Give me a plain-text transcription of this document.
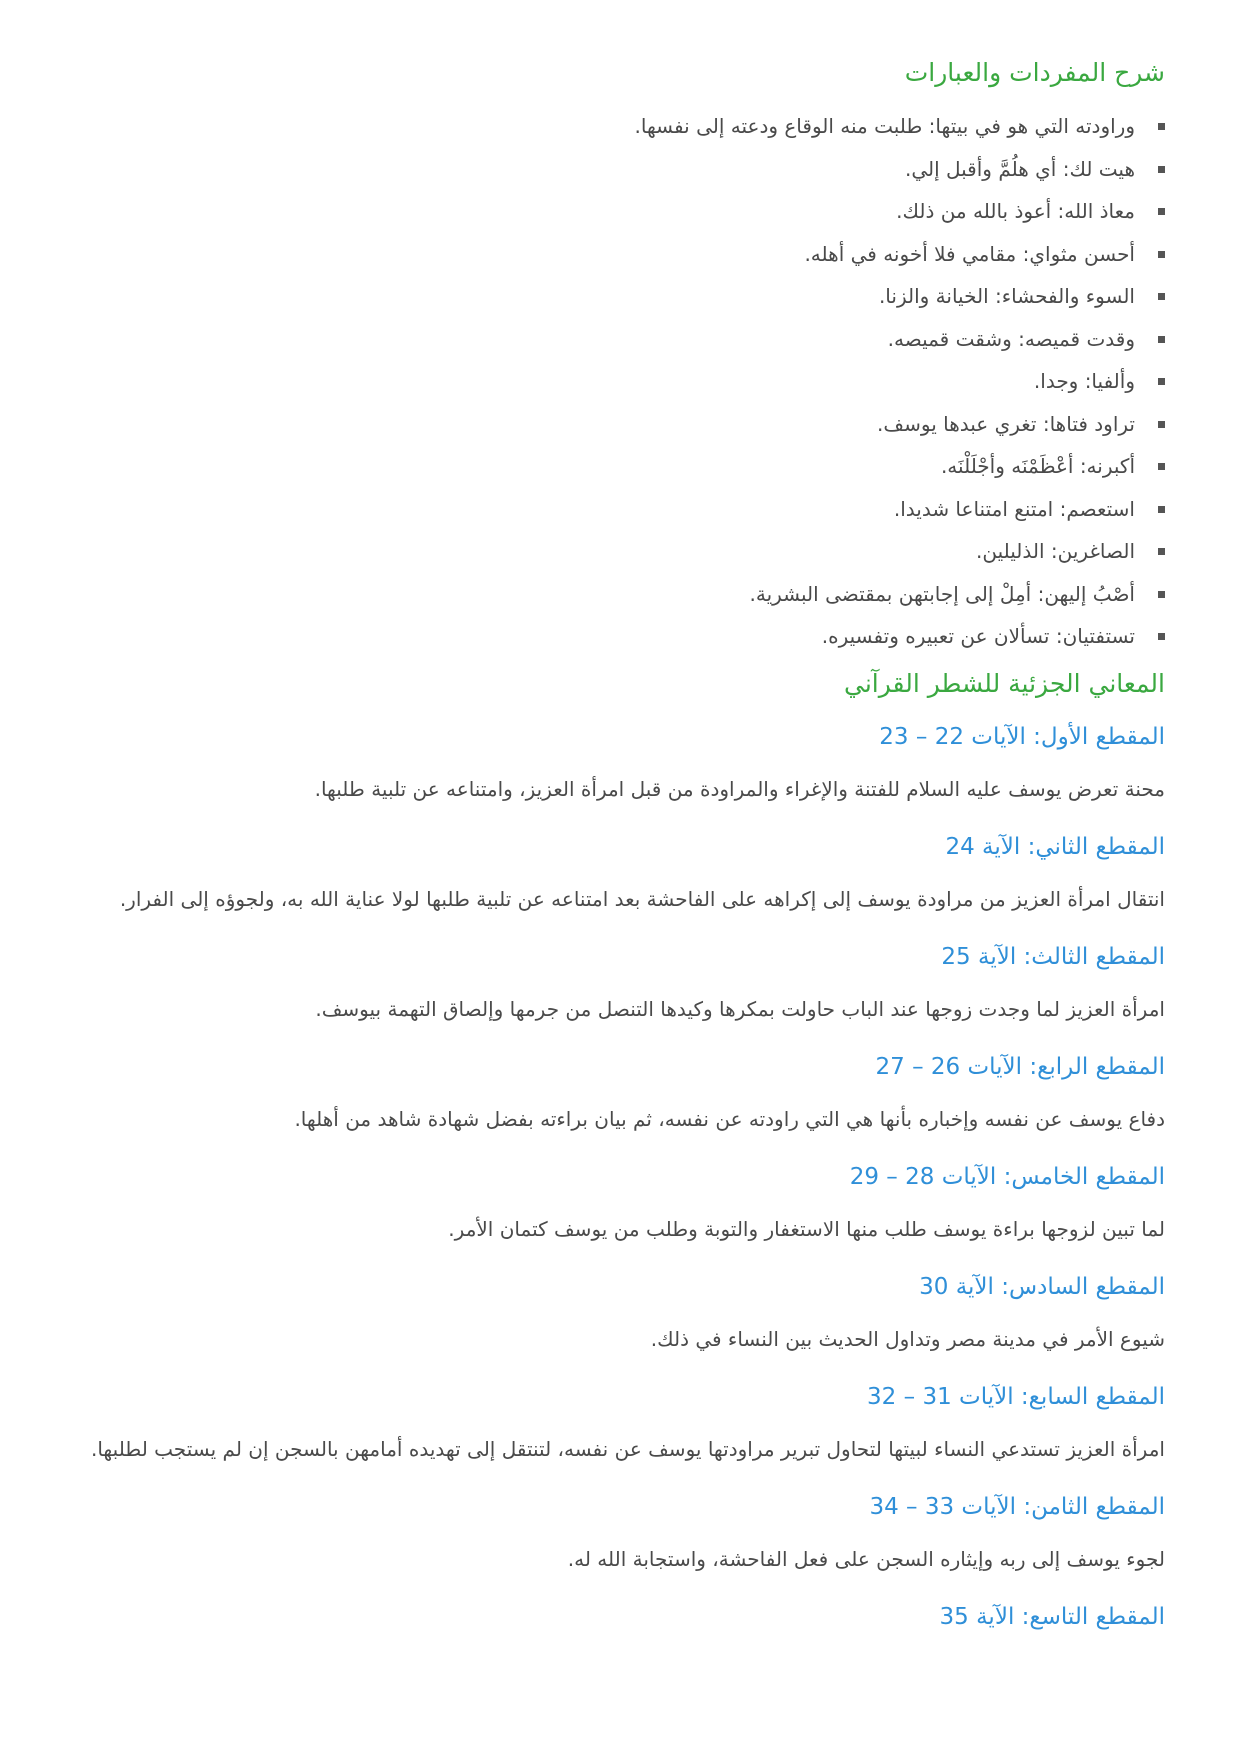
شرح المفردات والعبارات
وراودته التي هو في بيتها: طلبت منه الوقاع ودعته إلى نفسها.
هيت لك: أي هلُمَّ وأقبل إلي.
معاذ الله: أعوذ بالله من ذلك.
أحسن مثواي: مقامي فلا أخونه في أهله.
السوء والفحشاء: الخيانة والزنا.
وقدت قميصه: وشقت قميصه.
وألفيا: وجدا.
تراود فتاها: تغري عبدها يوسف.
أكبرنه: أعْظَمْنَه وأجْلَلْنَه.
استعصم: امتنع امتناعا شديدا.
الصاغرين: الذليلين.
أصْبُ إليهن: أمِلْ إلى إجابتهن بمقتضى البشرية.
تستفتيان: تسألان عن تعبيره وتفسيره.
المعاني الجزئية للشطر القرآني
المقطع الأول: الآيات 22 – 23

محنة تعرض يوسف عليه السلام للفتنة والإغراء والمراودة من قبل امرأة العزيز، وامتناعه عن تلبية طلبها.

المقطع الثاني: الآية 24

انتقال امرأة العزيز من مراودة يوسف إلى إكراهه على الفاحشة بعد امتناعه عن تلبية طلبها لولا عناية الله به، ولجوؤه إلى الفرار.

المقطع الثالث: الآية 25

امرأة العزيز لما وجدت زوجها عند الباب حاولت بمكرها وكيدها التنصل من جرمها وإلصاق التهمة بيوسف.

المقطع الرابع: الآيات 26 – 27

دفاع يوسف عن نفسه وإخباره بأنها هي التي راودته عن نفسه، ثم بيان براءته بفضل شهادة شاهد من أهلها.

المقطع الخامس: الآيات 28 – 29

لما تبين لزوجها براءة يوسف طلب منها الاستغفار والتوبة وطلب من يوسف كتمان الأمر.

المقطع السادس: الآية 30

شيوع الأمر في مدينة مصر وتداول الحديث بين النساء في ذلك.

المقطع السابع: الآيات 31 – 32

امرأة العزيز تستدعي النساء لبيتها لتحاول تبرير مراودتها يوسف عن نفسه، لتنتقل إلى تهديده أمامهن بالسجن إن لم يستجب لطلبها.

المقطع الثامن: الآيات 33 – 34

لجوء يوسف إلى ربه وإيثاره السجن على فعل الفاحشة، واستجابة الله له.

المقطع التاسع: الآية 35
